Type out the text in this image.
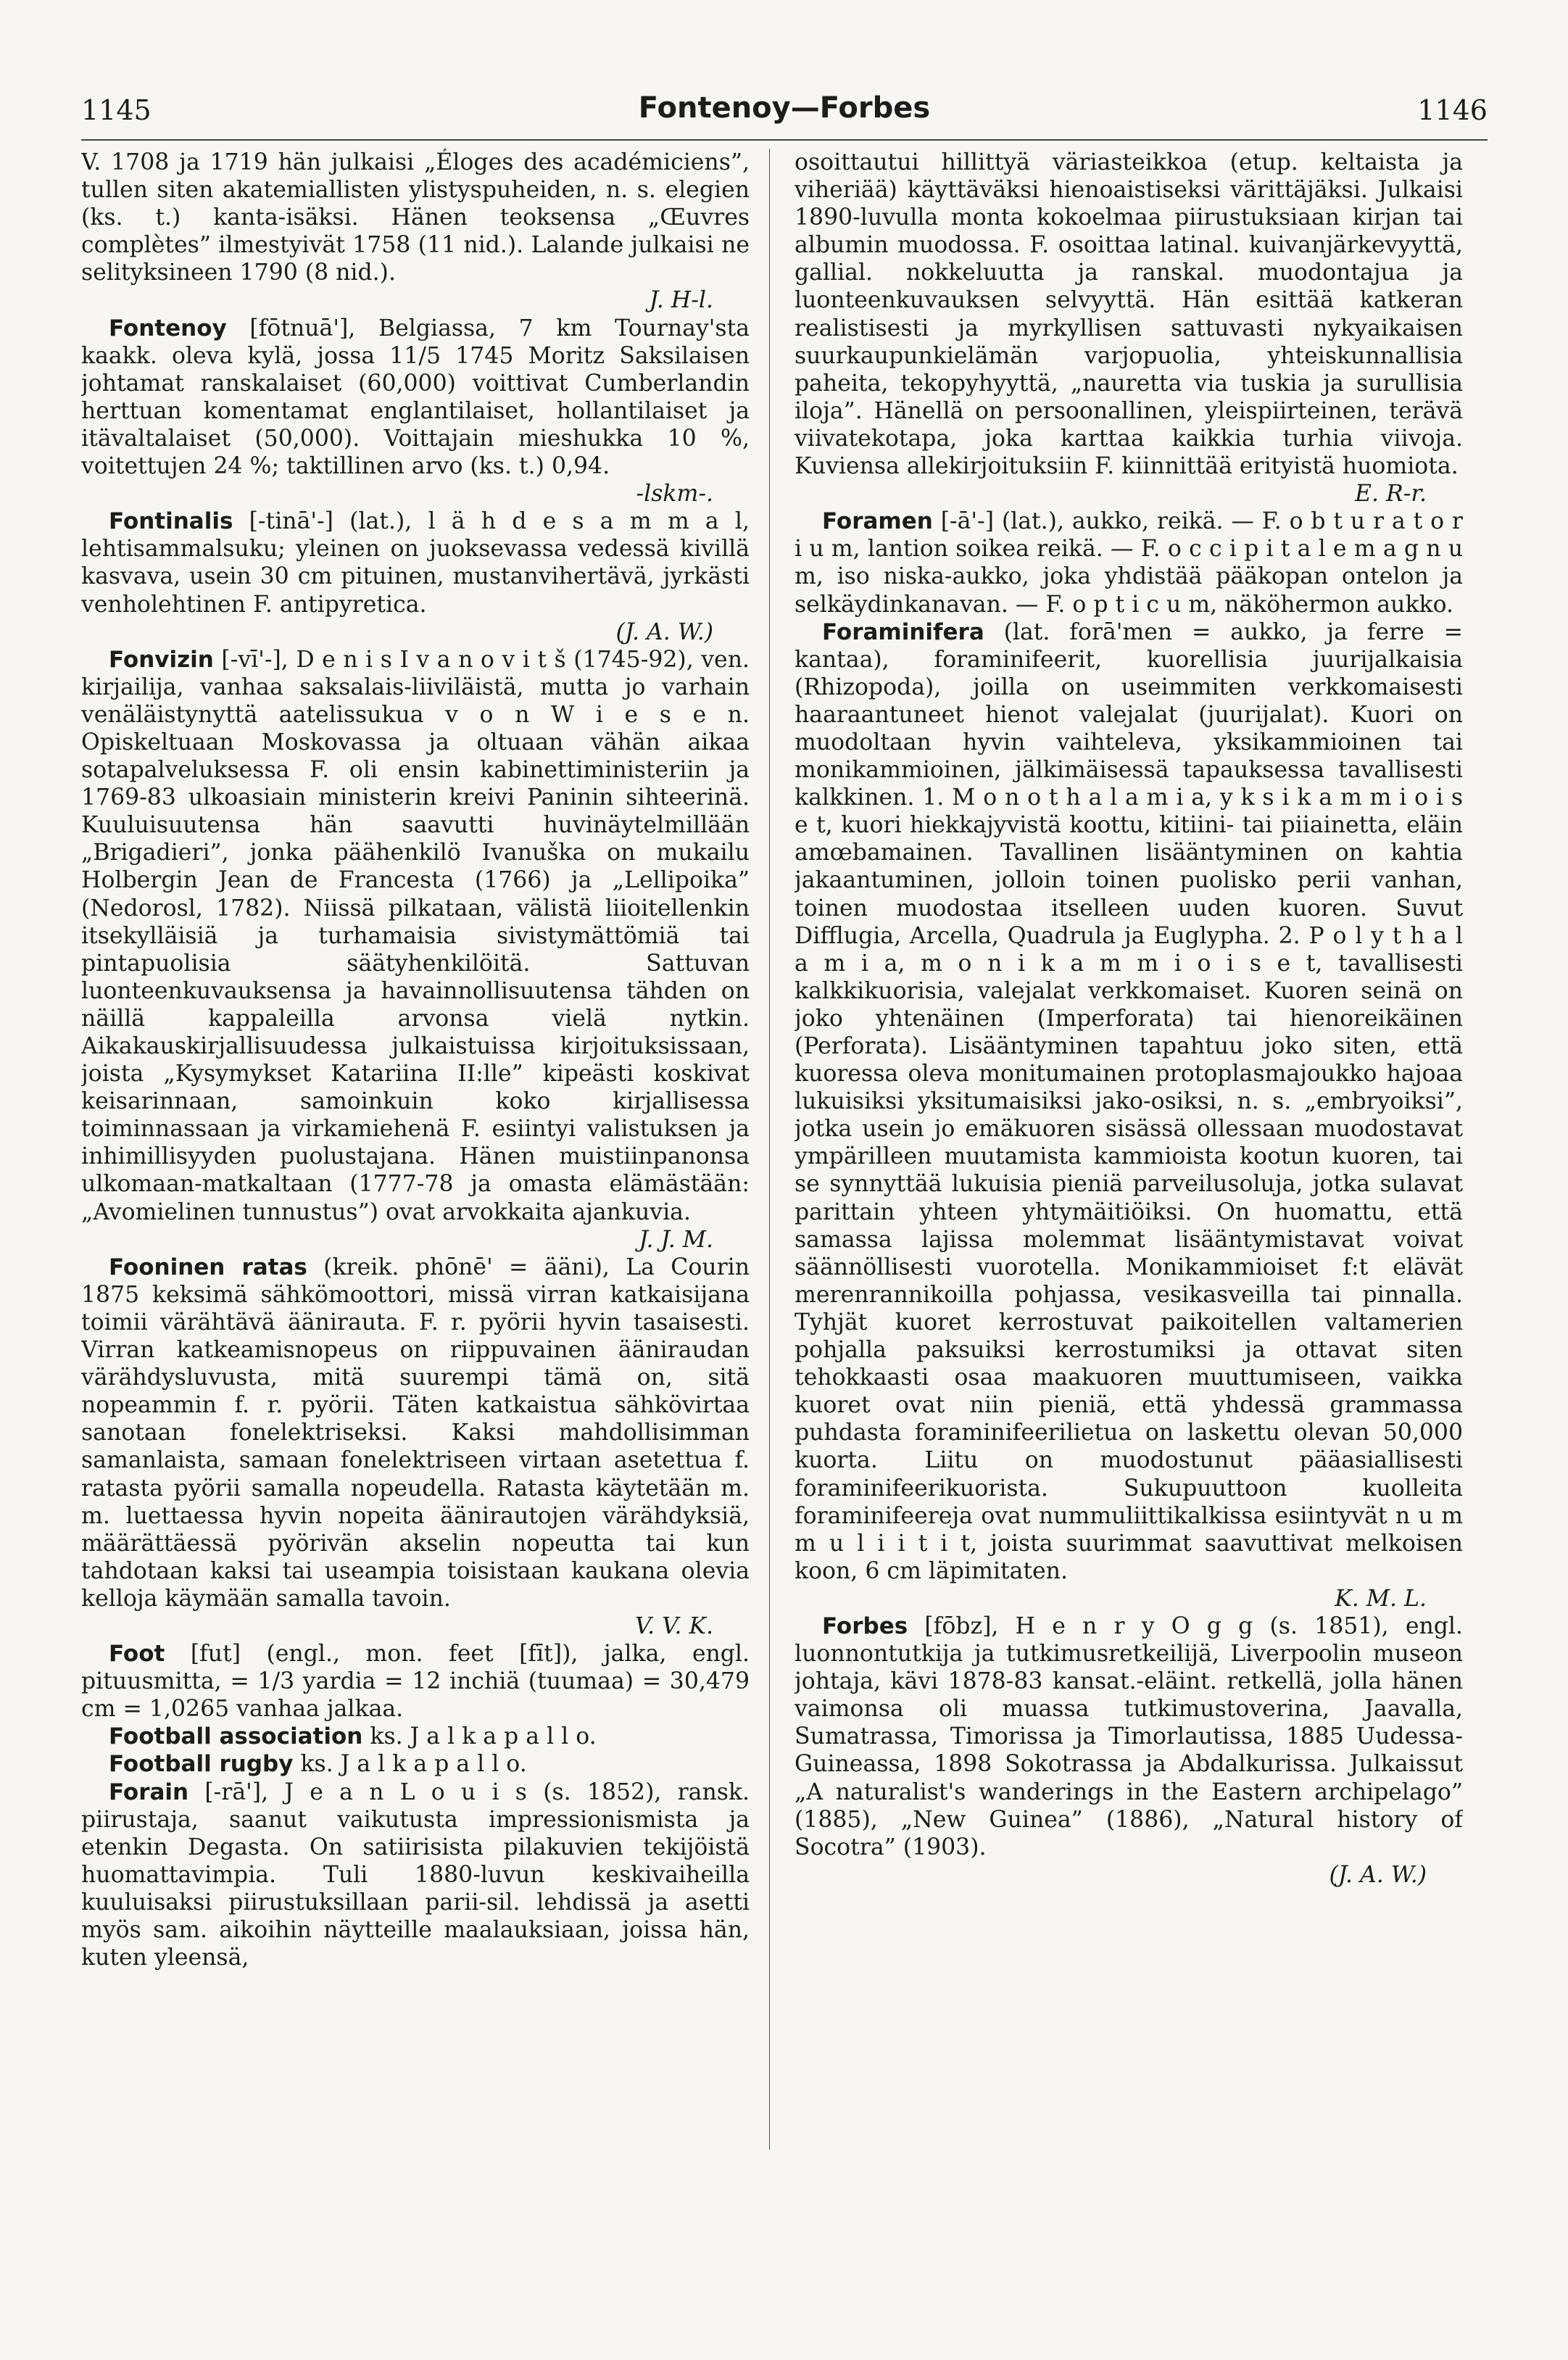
1145	Fontenoy—Forbes	1146

V. 1708 ja 1719 hän julkaisi „Éloges des académiciens”, tullen siten akatemiallisten ylistyspuheiden, n. s. elegien (ks. t.) kanta-isäksi. Hänen teoksensa „Œuvres complètes” ilmestyivät 1758 (11 nid.). Lalande julkaisi ne selityksineen 1790 (8 nid.).
J. H-l.

Fontenoy [fōtnuā'], Belgiassa, 7 km Tournay'sta kaakk. oleva kylä, jossa 11/5 1745 Moritz Saksilaisen johtamat ranskalaiset (60,000) voittivat Cumberlandin herttuan komentamat englantilaiset, hollantilaiset ja itävaltalaiset (50,000). Voittajain mieshukka 10 %, voitettujen 24 %; taktillinen arvo (ks. t.) 0,94.
-lskm-.

Fontinalis [-tinā'-] (lat.), l ä h d e s a m m a l, lehtisammalsuku; yleinen on juoksevassa vedessä kivillä kasvava, usein 30 cm pituinen, mustanvihertävä, jyrkästi venholehtinen F. antipyretica.
(J. A. W.)

Fonvizin [-vī'-], D e n i s I v a n o v i t š (1745-92), ven. kirjailija, vanhaa saksalais-liiviläistä, mutta jo varhain venäläistynyttä aatelissukua v o n W i e s e n. Opiskeltuaan Moskovassa ja oltuaan vähän aikaa sotapalveluksessa F. oli ensin kabinettiministeriin ja 1769-83 ulkoasiain ministerin kreivi Paninin sihteerinä. Kuuluisuutensa hän saavutti huvinäytelmillään „Brigadieri”, jonka päähenkilö Ivanuška on mukailu Holbergin Jean de Francesta (1766) ja „Lellipoika” (Nedorosl, 1782). Niissä pilkataan, välistä liioitellenkin itsekylläisiä ja turhamaisia sivistymättömiä tai pintapuolisia säätyhenkilöitä. Sattuvan luonteenkuvauksensa ja havainnollisuutensa tähden on näillä kappaleilla arvonsa vielä nytkin. Aikakauskirjallisuudessa julkaistuissa kirjoituksissaan, joista „Kysymykset Katariina II:lle” kipeästi koskivat keisarinnaan, samoinkuin koko kirjallisessa toiminnassaan ja virkamiehenä F. esiintyi valistuksen ja inhimillisyyden puolustajana. Hänen muistiinpanonsa ulkomaan-matkaltaan (1777-78 ja omasta elämästään: „Avomielinen tunnustus”) ovat arvokkaita ajankuvia.
J. J. M.

Fooninen ratas (kreik. phōnē' = ääni), La Courin 1875 keksimä sähkömoottori, missä virran katkaisijana toimii värähtävä äänirauta. F. r. pyörii hyvin tasaisesti. Virran katkeamisnopeus on riippuvainen ääniraudan värähdysluvusta, mitä suurempi tämä on, sitä nopeammin f. r. pyörii. Täten katkaistua sähkövirtaa sanotaan fonelektriseksi. Kaksi mahdollisimman samanlaista, samaan fonelektriseen virtaan asetettua f. ratasta pyörii samalla nopeudella. Ratasta käytetään m. m. luettaessa hyvin nopeita äänirautojen värähdyksiä, määrättäessä pyörivän akselin nopeutta tai kun tahdotaan kaksi tai useampia toisistaan kaukana olevia kelloja käymään samalla tavoin.
V. V. K.

Foot [fut] (engl., mon. feet [fīt]), jalka, engl. pituusmitta, = 1/3 yardia = 12 inchiä (tuumaa) = 30,479 cm = 1,0265 vanhaa jalkaa.

Football association ks. J a l k a p a l l o.

Football rugby ks. J a l k a p a l l o.

Forain [-rā'], J e a n L o u i s (s. 1852), ransk. piirustaja, saanut vaikutusta impressionismista ja etenkin Degasta. On satiirisista pilakuvien tekijöistä huomattavimpia. Tuli 1880-luvun keskivaiheilla kuuluisaksi piirustuksillaan parii-sil. lehdissä ja asetti myös sam. aikoihin näytteille maalauksiaan, joissa hän, kuten yleensä,

osoittautui hillittyä väriasteikkoa (etup. keltaista ja viheriää) käyttäväksi hienoaistiseksi värittäjäksi. Julkaisi 1890-luvulla monta kokoelmaa piirustuksiaan kirjan tai albumin muodossa. F. osoittaa latinal. kuivanjärkevyyttä, gallial. nokkeluutta ja ranskal. muodontajua ja luonteenkuvauksen selvyyttä. Hän esittää katkeran realistisesti ja myrkyllisen sattuvasti nykyaikaisen suurkaupunkielämän varjopuolia, yhteiskunnallisia paheita, tekopyhyyttä, „nauretta via tuskia ja surullisia iloja”. Hänellä on persoonallinen, yleispiirteinen, terävä viivatekotapa, joka karttaa kaikkia turhia viivoja. Kuviensa allekirjoituksiin F. kiinnittää erityistä huomiota.
E. R-r.

Foramen [-ā'-] (lat.), aukko, reikä. — F. o b t u r a t o r i u m, lantion soikea reikä. — F. o c c i p i t a l e m a g n u m, iso niska-aukko, joka yhdistää pääkopan ontelon ja selkäydinkanavan. — F. o p t i c u m, näköhermon aukko.

Foraminifera (lat. forā'men = aukko, ja ferre = kantaa), foraminifeerit, kuorellisia juurijalkaisia (Rhizopoda), joilla on useimmiten verkkomaisesti haaraantuneet hienot valejalat (juurijalat). Kuori on muodoltaan hyvin vaihteleva, yksikammioinen tai monikammioinen, jälkimäisessä tapauksessa tavallisesti kalkkinen. 1. M o n o t h a l a m i a, y k s i k a m m i o i s e t, kuori hiekkajyvistä koottu, kitiini- tai piiainetta, eläin amœbamainen. Tavallinen lisääntyminen on kahtia jakaantuminen, jolloin toinen puolisko perii vanhan, toinen muodostaa itselleen uuden kuoren. Suvut Difflugia, Arcella, Quadrula ja Euglypha. 2. P o l y t h a l a m i a, m o n i k a m m i o i s e t, tavallisesti kalkkikuorisia, valejalat verkkomaiset. Kuoren seinä on joko yhtenäinen (Imperforata) tai hienoreikäinen (Perforata). Lisääntyminen tapahtuu joko siten, että kuoressa oleva monitumainen protoplasmajoukko hajoaa lukuisiksi yksitumaisiksi jako-osiksi, n. s. „embryoiksi”, jotka usein jo emäkuoren sisässä ollessaan muodostavat ympärilleen muutamista kammioista kootun kuoren, tai se synnyttää lukuisia pieniä parveilusoluja, jotka sulavat parittain yhteen yhtymäitiöiksi. On huomattu, että samassa lajissa molemmat lisääntymistavat voivat säännöllisesti vuorotella. Monikammioiset f:t elävät merenrannikoilla pohjassa, vesikasveilla tai pinnalla. Tyhjät kuoret kerrostuvat paikoitellen valtamerien pohjalla paksuiksi kerrostumiksi ja ottavat siten tehokkaasti osaa maakuoren muuttumiseen, vaikka kuoret ovat niin pieniä, että yhdessä grammassa puhdasta foraminifeerilietua on laskettu olevan 50,000 kuorta. Liitu on muodostunut pääasiallisesti foraminifeerikuorista. Sukupuuttoon kuolleita foraminifeereja ovat nummuliittikalkissa esiintyvät n u m m u l i i t i t, joista suurimmat saavuttivat melkoisen koon, 6 cm läpimitaten.
K. M. L.

Forbes [fōbz], H e n r y O g g (s. 1851), engl. luonnontutkija ja tutkimusretkeilijä, Liverpoolin museon johtaja, kävi 1878-83 kansat.-eläint. retkellä, jolla hänen vaimonsa oli muassa tutkimustoverina, Jaavalla, Sumatrassa, Timorissa ja Timorlautissa, 1885 Uudessa-Guineassa, 1898 Sokotrassa ja Abdalkurissa. Julkaissut „A naturalist's wanderings in the Eastern archipelago” (1885), „New Guinea” (1886), „Natural history of Socotra” (1903).
(J. A. W.)
